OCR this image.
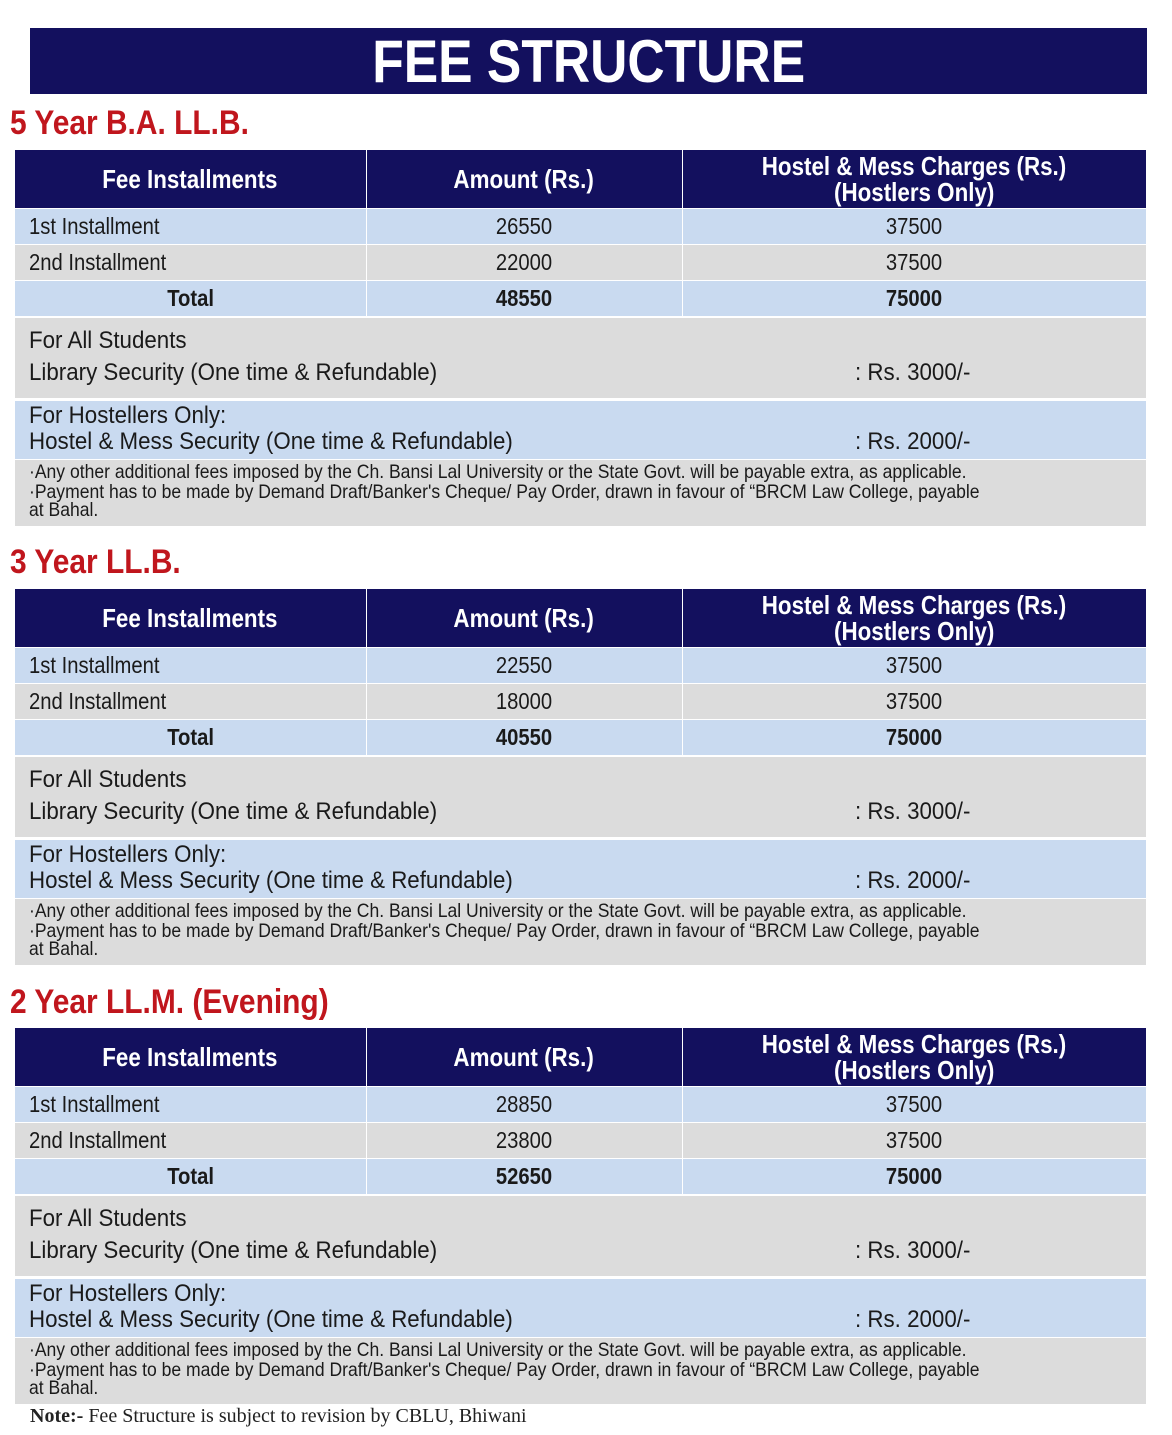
FEE STRUCTURE
5 Year B.A. LL.B.
Fee Installments	Amount (Rs.)	Hostel & Mess Charges (Rs.)
(Hostlers Only)
1st Installment	26550	37500
2nd Installment	22000	37500
Total	48550	75000
For All Students
Library Security (One time & Refundable)	: Rs. 3000/-
For Hostellers Only:
Hostel & Mess Security (One time & Refundable)	: Rs. 2000/-
·Any other additional fees imposed by the Ch. Bansi Lal University or the State Govt. will be payable extra, as applicable.
·Payment has to be made by Demand Draft/Banker's Cheque/ Pay Order, drawn in favour of “BRCM Law College, payable
at Bahal.
3 Year LL.B.
Fee Installments	Amount (Rs.)	Hostel & Mess Charges (Rs.)
(Hostlers Only)
1st Installment	22550	37500
2nd Installment	18000	37500
Total	40550	75000
For All Students
Library Security (One time & Refundable)	: Rs. 3000/-
For Hostellers Only:
Hostel & Mess Security (One time & Refundable)	: Rs. 2000/-
·Any other additional fees imposed by the Ch. Bansi Lal University or the State Govt. will be payable extra, as applicable.
·Payment has to be made by Demand Draft/Banker's Cheque/ Pay Order, drawn in favour of “BRCM Law College, payable
at Bahal.
2 Year LL.M. (Evening)
Fee Installments	Amount (Rs.)	Hostel & Mess Charges (Rs.)
(Hostlers Only)
1st Installment	28850	37500
2nd Installment	23800	37500
Total	52650	75000
For All Students
Library Security (One time & Refundable)	: Rs. 3000/-
For Hostellers Only:
Hostel & Mess Security (One time & Refundable)	: Rs. 2000/-
·Any other additional fees imposed by the Ch. Bansi Lal University or the State Govt. will be payable extra, as applicable.
·Payment has to be made by Demand Draft/Banker's Cheque/ Pay Order, drawn in favour of “BRCM Law College, payable
at Bahal.
Note:- Fee Structure is subject to revision by CBLU, Bhiwani
